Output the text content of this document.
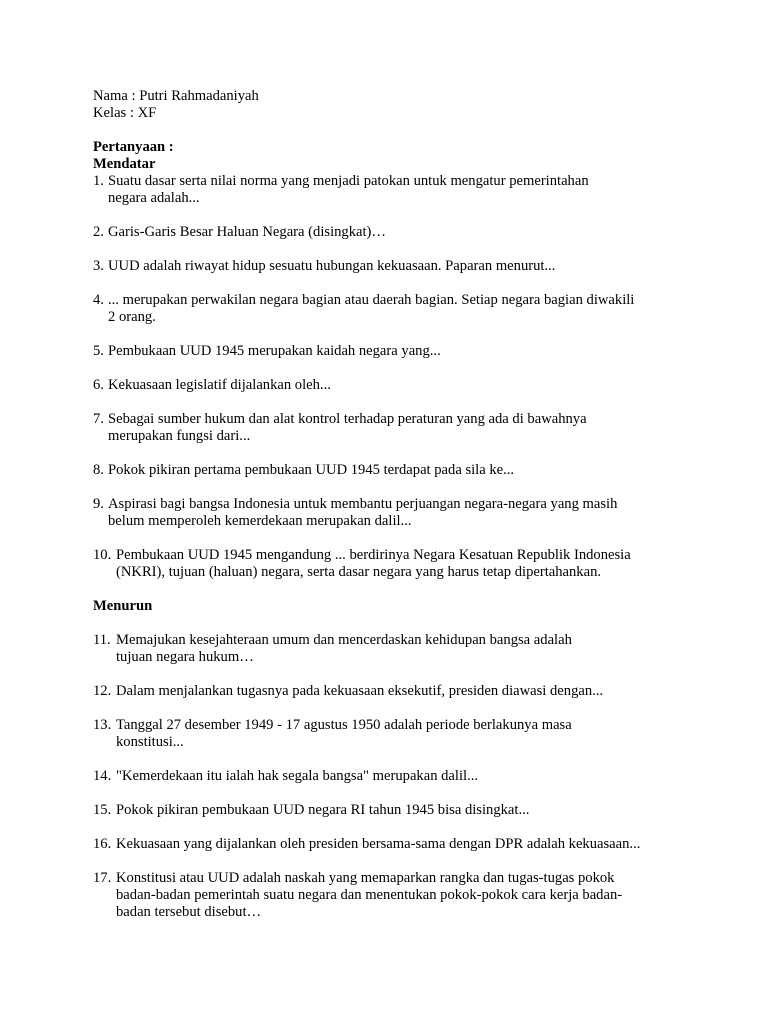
Nama : Putri Rahmadaniyah
Kelas : XF
Pertanyaan :
Mendatar
1. Suatu dasar serta nilai norma yang menjadi patokan untuk mengatur pemerintahan
negara adalah...
2. Garis-Garis Besar Haluan Negara (disingkat)…
3. UUD adalah riwayat hidup sesuatu hubungan kekuasaan. Paparan menurut...
4. ... merupakan perwakilan negara bagian atau daerah bagian. Setiap negara bagian diwakili
2 orang.
5. Pembukaan UUD 1945 merupakan kaidah negara yang...
6. Kekuasaan legislatif dijalankan oleh...
7. Sebagai sumber hukum dan alat kontrol terhadap peraturan yang ada di bawahnya
merupakan fungsi dari...
8. Pokok pikiran pertama pembukaan UUD 1945 terdapat pada sila ke...
9. Aspirasi bagi bangsa Indonesia untuk membantu perjuangan negara-negara yang masih
belum memperoleh kemerdekaan merupakan dalil...
10. Pembukaan UUD 1945 mengandung ... berdirinya Negara Kesatuan Republik Indonesia
(NKRI), tujuan (haluan) negara, serta dasar negara yang harus tetap dipertahankan.
Menurun
11. Memajukan kesejahteraan umum dan mencerdaskan kehidupan bangsa adalah
tujuan negara hukum…
12. Dalam menjalankan tugasnya pada kekuasaan eksekutif, presiden diawasi dengan...
13. Tanggal 27 desember 1949 - 17 agustus 1950 adalah periode berlakunya masa
konstitusi...
14. "Kemerdekaan itu ialah hak segala bangsa" merupakan dalil...
15. Pokok pikiran pembukaan UUD negara RI tahun 1945 bisa disingkat...
16. Kekuasaan yang dijalankan oleh presiden bersama-sama dengan DPR adalah kekuasaan...
17. Konstitusi atau UUD adalah naskah yang memaparkan rangka dan tugas-tugas pokok
badan-badan pemerintah suatu negara dan menentukan pokok-pokok cara kerja badan-
badan tersebut disebut…
